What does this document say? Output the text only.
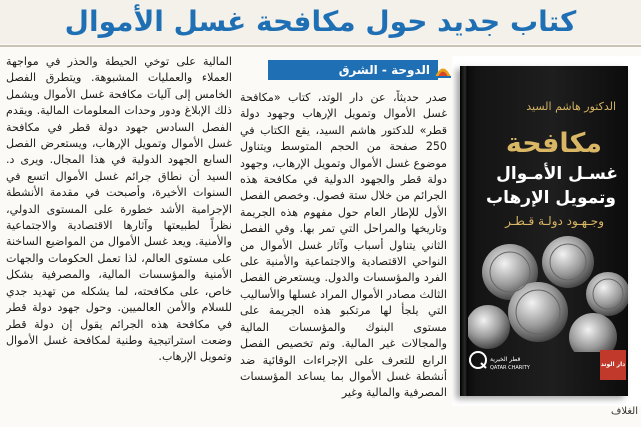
كتاب جديد حول مكافحة غسل الأموال
المالية على توخي الحيطة والحذر في مواجهة العملاء والعمليات المشبوهة. ويتطرق الفصل الخامس إلى آليات مكافحة غسل الأموال ويشمل ذلك الإبلاغ ودور وحدات المعلومات المالية. ويقدم الفصل السادس جهود دولة قطر في مكافحة غسل الأموال وتمويل الإرهاب، ويستعرض الفصل السابع الجهود الدولية في هذا المجال. ويرى د. السيد أن نطاق جرائم غسل الأموال اتسع في السنوات الأخيرة، وأصبحت في مقدمة الأنشطة الإجرامية الأشد خطورة على المستوى الدولي، نظراً لطبيعتها وآثارها الاقتصادية والاجتماعية والأمنية. ويعد غسل الأموال من المواضيع الساخنة على مستوى العالم، لذا تعمل الحكومات والجهات الأمنية والمؤسسات المالية، والمصرفية بشكل خاص، على مكافحته، لما يشكله من تهديد جدي للسلام والأمن العالميين. وحول جهود دولة قطر في مكافحة هذه الجرائم يقول إن دولة قطر وضعت استراتيجية وطنية لمكافحة غسل الأموال وتمويل الإرهاب.
الدوحة - الشرق
صدر حديثاً، عن دار الوتد، كتاب «مكافحة غسل الأموال وتمويل الإرهاب وجهود دولة قطر» للدكتور هاشم السيد، يقع الكتاب في 250 صفحة من الحجم المتوسط ويتناول موضوع غسل الأموال وتمويل الإرهاب، وجهود دولة قطر والجهود الدولية في مكافحة هذه الجرائم من خلال ستة فصول. وخصص الفصل الأول للإطار العام حول مفهوم هذه الجريمة وتاريخها والمراحل التي تمر بها. وفي الفصل الثاني يتناول أسباب وآثار غسل الأموال من النواحي الاقتصادية والاجتماعية والأمنية على الفرد والمؤسسات والدول. ويستعرض الفصل الثالث مصادر الأموال المراد غسلها والأساليب التي يلجأ لها مرتكبو هذه الجريمة على مستوى البنوك والمؤسسات المالية والمجالات غير المالية. وتم تخصيص الفصل الرابع للتعرف على الإجراءات الوقائية ضد أنشطة غسل الأموال بما يساعد المؤسسات المصرفية والمالية وغير
الدكتور هاشم السيد
مكافحة
غسـل الأمـوال
وتمويل الإرهاب
وجـهـود دولـة قـطـر
قطر الخيرية
QATAR CHARITY	دار الوتد
الغلاف
